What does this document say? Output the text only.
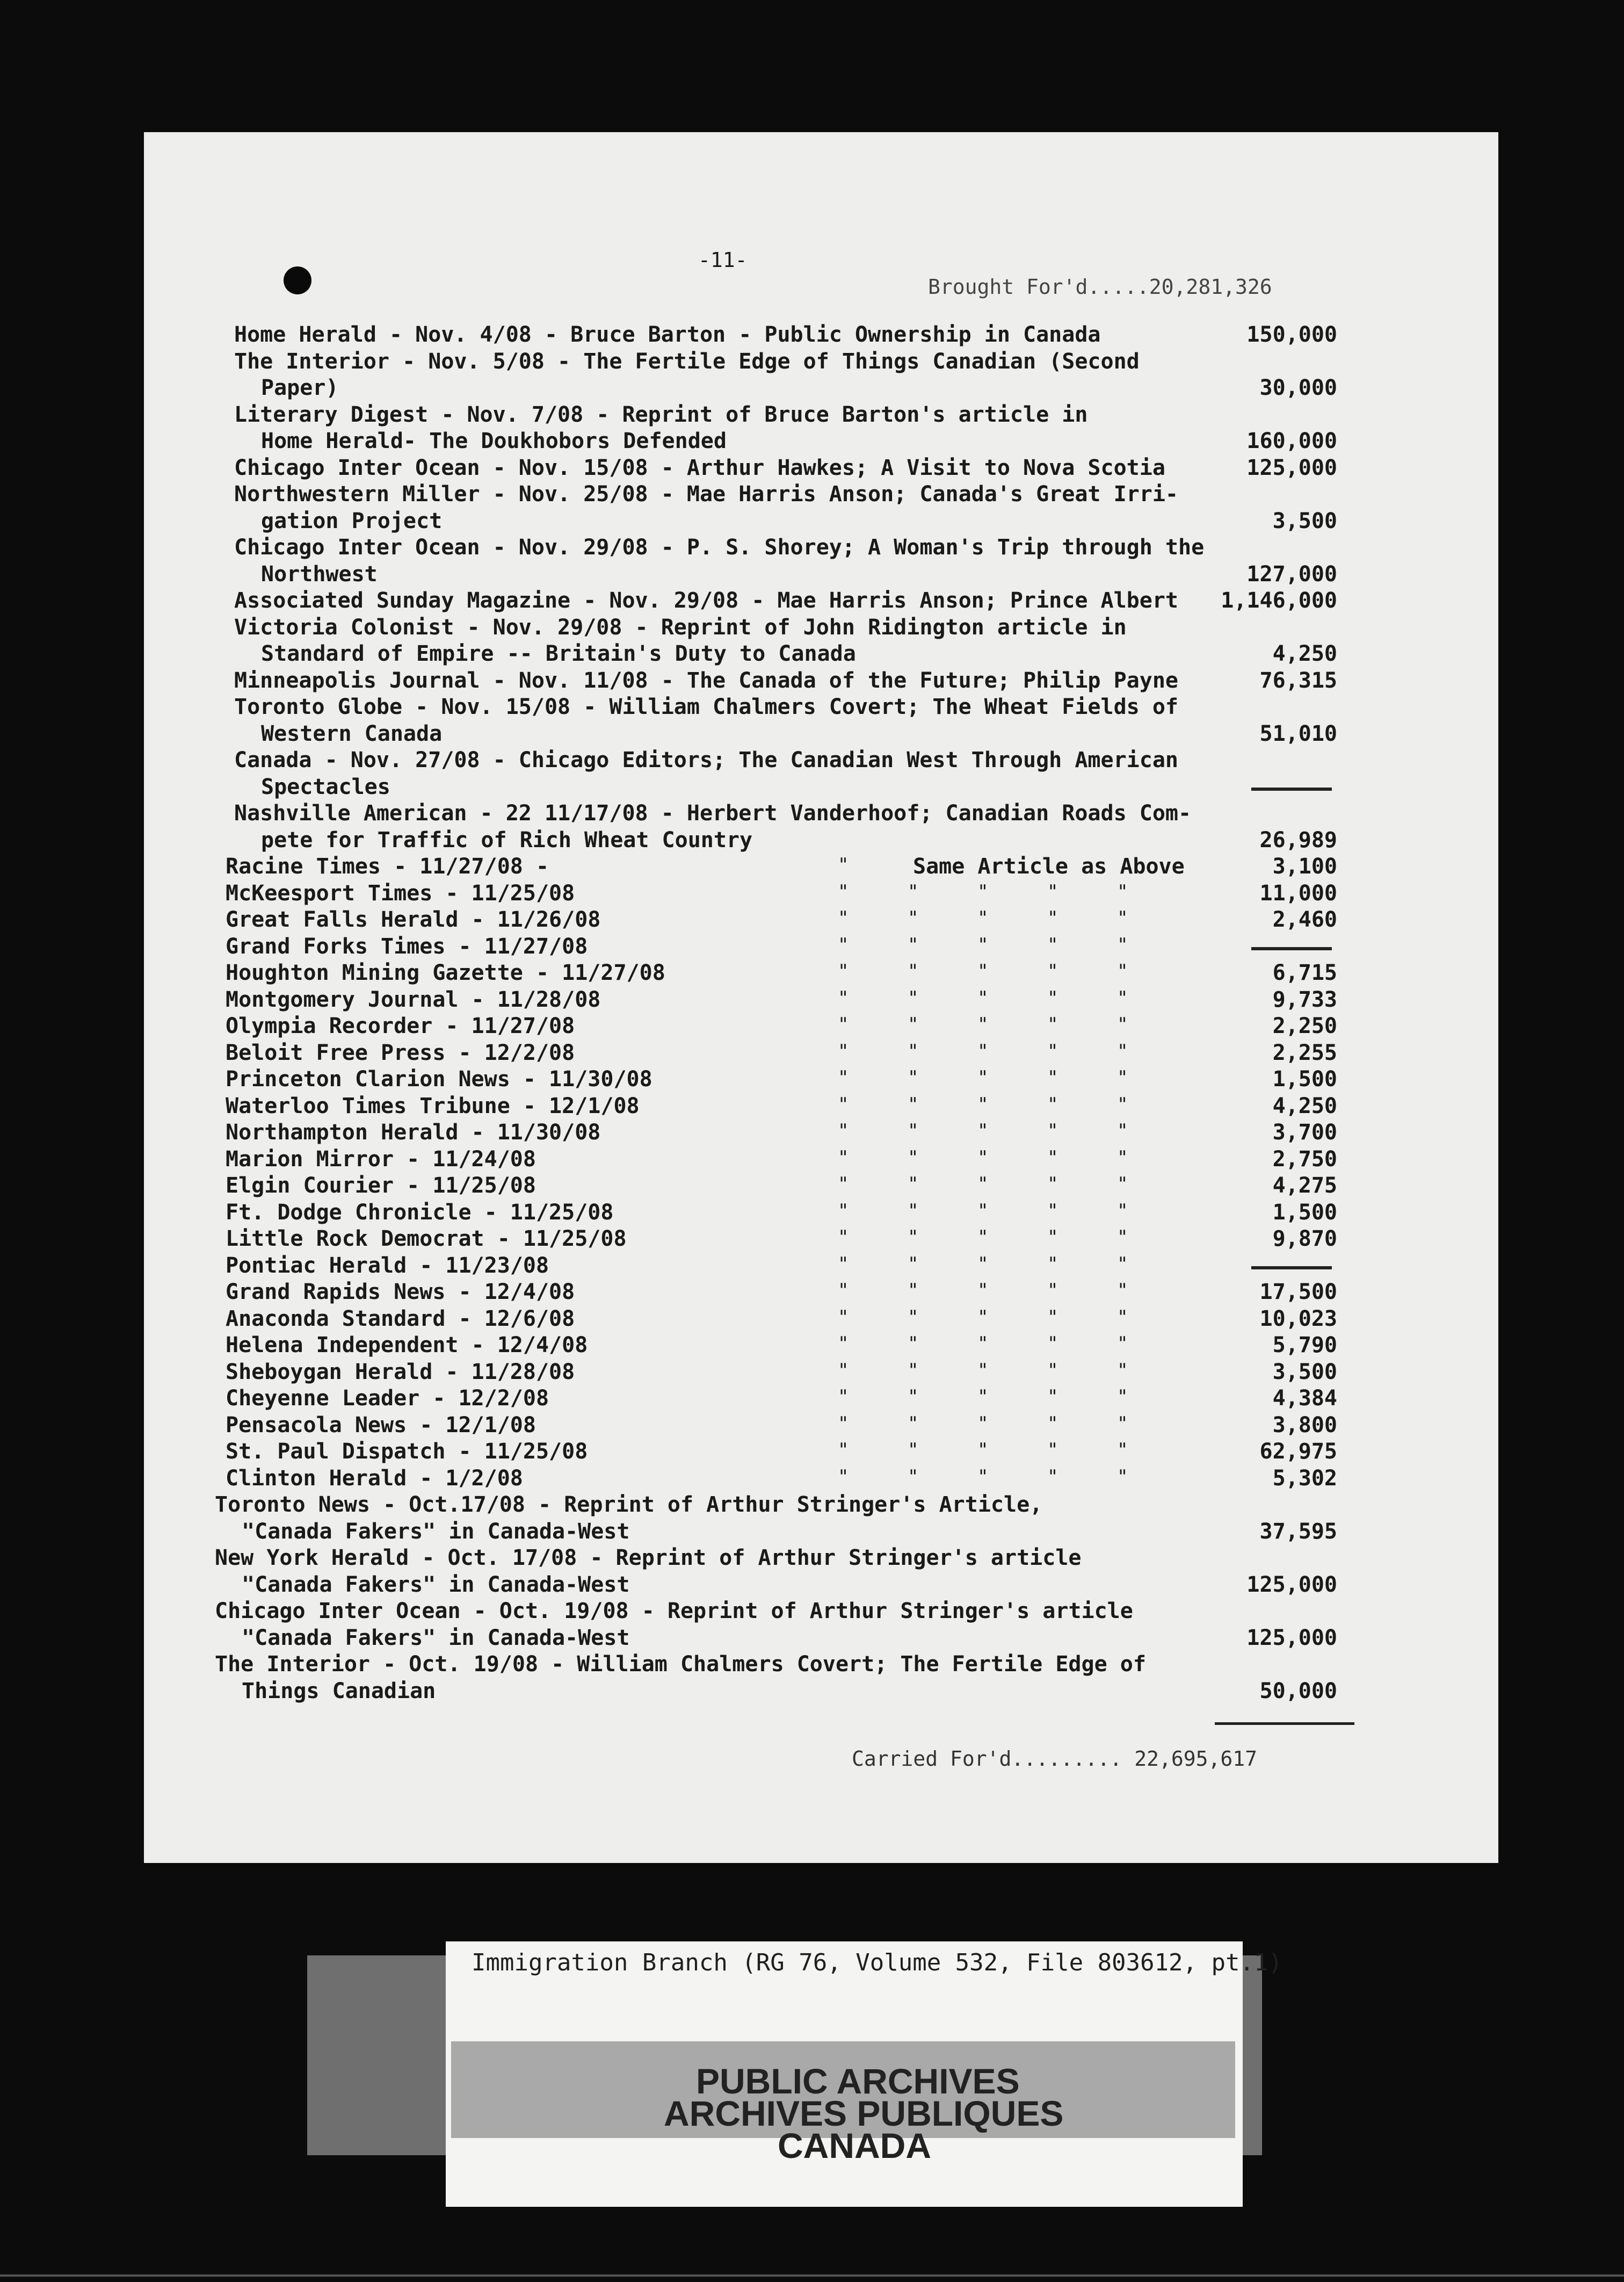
-11-
Brought For'd.....20,281,326
Home Herald - Nov. 4/08 - Bruce Barton - Public Ownership in Canada	150,000
The Interior - Nov. 5/08 - The Fertile Edge of Things Canadian (Second
Paper)	30,000
Literary Digest - Nov. 7/08 - Reprint of Bruce Barton's article in
Home Herald- The Doukhobors Defended	160,000
Chicago Inter Ocean - Nov. 15/08 - Arthur Hawkes; A Visit to Nova Scotia	125,000
Northwestern Miller - Nov. 25/08 - Mae Harris Anson; Canada's Great Irri-
gation Project	3,500
Chicago Inter Ocean - Nov. 29/08 - P. S. Shorey; A Woman's Trip through the
Northwest	127,000
Associated Sunday Magazine - Nov. 29/08 - Mae Harris Anson; Prince Albert	1,146,000
Victoria Colonist - Nov. 29/08 - Reprint of John Ridington article in
Standard of Empire -- Britain's Duty to Canada	4,250
Minneapolis Journal - Nov. 11/08 - The Canada of the Future; Philip Payne	76,315
Toronto Globe - Nov. 15/08 - William Chalmers Covert; The Wheat Fields of
Western Canada	51,010
Canada - Nov. 27/08 - Chicago Editors; The Canadian West Through American
Spectacles
Nashville American - 22 11/17/08 - Herbert Vanderhoof; Canadian Roads Com-
pete for Traffic of Rich Wheat Country	26,989
Racine Times - 11/27/08 -	"	Same Article as Above	3,100
McKeesport Times - 11/25/08	"	"	"	"	"	11,000
Great Falls Herald - 11/26/08	"	"	"	"	"	2,460
Grand Forks Times - 11/27/08	"	"	"	"	"
Houghton Mining Gazette - 11/27/08	"	"	"	"	"	6,715
Montgomery Journal - 11/28/08	"	"	"	"	"	9,733
Olympia Recorder - 11/27/08	"	"	"	"	"	2,250
Beloit Free Press - 12/2/08	"	"	"	"	"	2,255
Princeton Clarion News - 11/30/08	"	"	"	"	"	1,500
Waterloo Times Tribune - 12/1/08	"	"	"	"	"	4,250
Northampton Herald - 11/30/08	"	"	"	"	"	3,700
Marion Mirror - 11/24/08	"	"	"	"	"	2,750
Elgin Courier - 11/25/08	"	"	"	"	"	4,275
Ft. Dodge Chronicle - 11/25/08	"	"	"	"	"	1,500
Little Rock Democrat - 11/25/08	"	"	"	"	"	9,870
Pontiac Herald - 11/23/08	"	"	"	"	"
Grand Rapids News - 12/4/08	"	"	"	"	"	17,500
Anaconda Standard - 12/6/08	"	"	"	"	"	10,023
Helena Independent - 12/4/08	"	"	"	"	"	5,790
Sheboygan Herald - 11/28/08	"	"	"	"	"	3,500
Cheyenne Leader - 12/2/08	"	"	"	"	"	4,384
Pensacola News - 12/1/08	"	"	"	"	"	3,800
St. Paul Dispatch - 11/25/08	"	"	"	"	"	62,975
Clinton Herald - 1/2/08	"	"	"	"	"	5,302
Toronto News - Oct.17/08 - Reprint of Arthur Stringer's Article,
"Canada Fakers" in Canada-West	37,595
New York Herald - Oct. 17/08 - Reprint of Arthur Stringer's article
"Canada Fakers" in Canada-West	125,000
Chicago Inter Ocean - Oct. 19/08 - Reprint of Arthur Stringer's article
"Canada Fakers" in Canada-West	125,000
The Interior - Oct. 19/08 - William Chalmers Covert; The Fertile Edge of
Things Canadian	50,000
Carried For'd......... 22,695,617
Immigration Branch (RG 76, Volume 532, File 803612, pt.1)
PUBLIC ARCHIVES
ARCHIVES PUBLIQUES
CANADA
